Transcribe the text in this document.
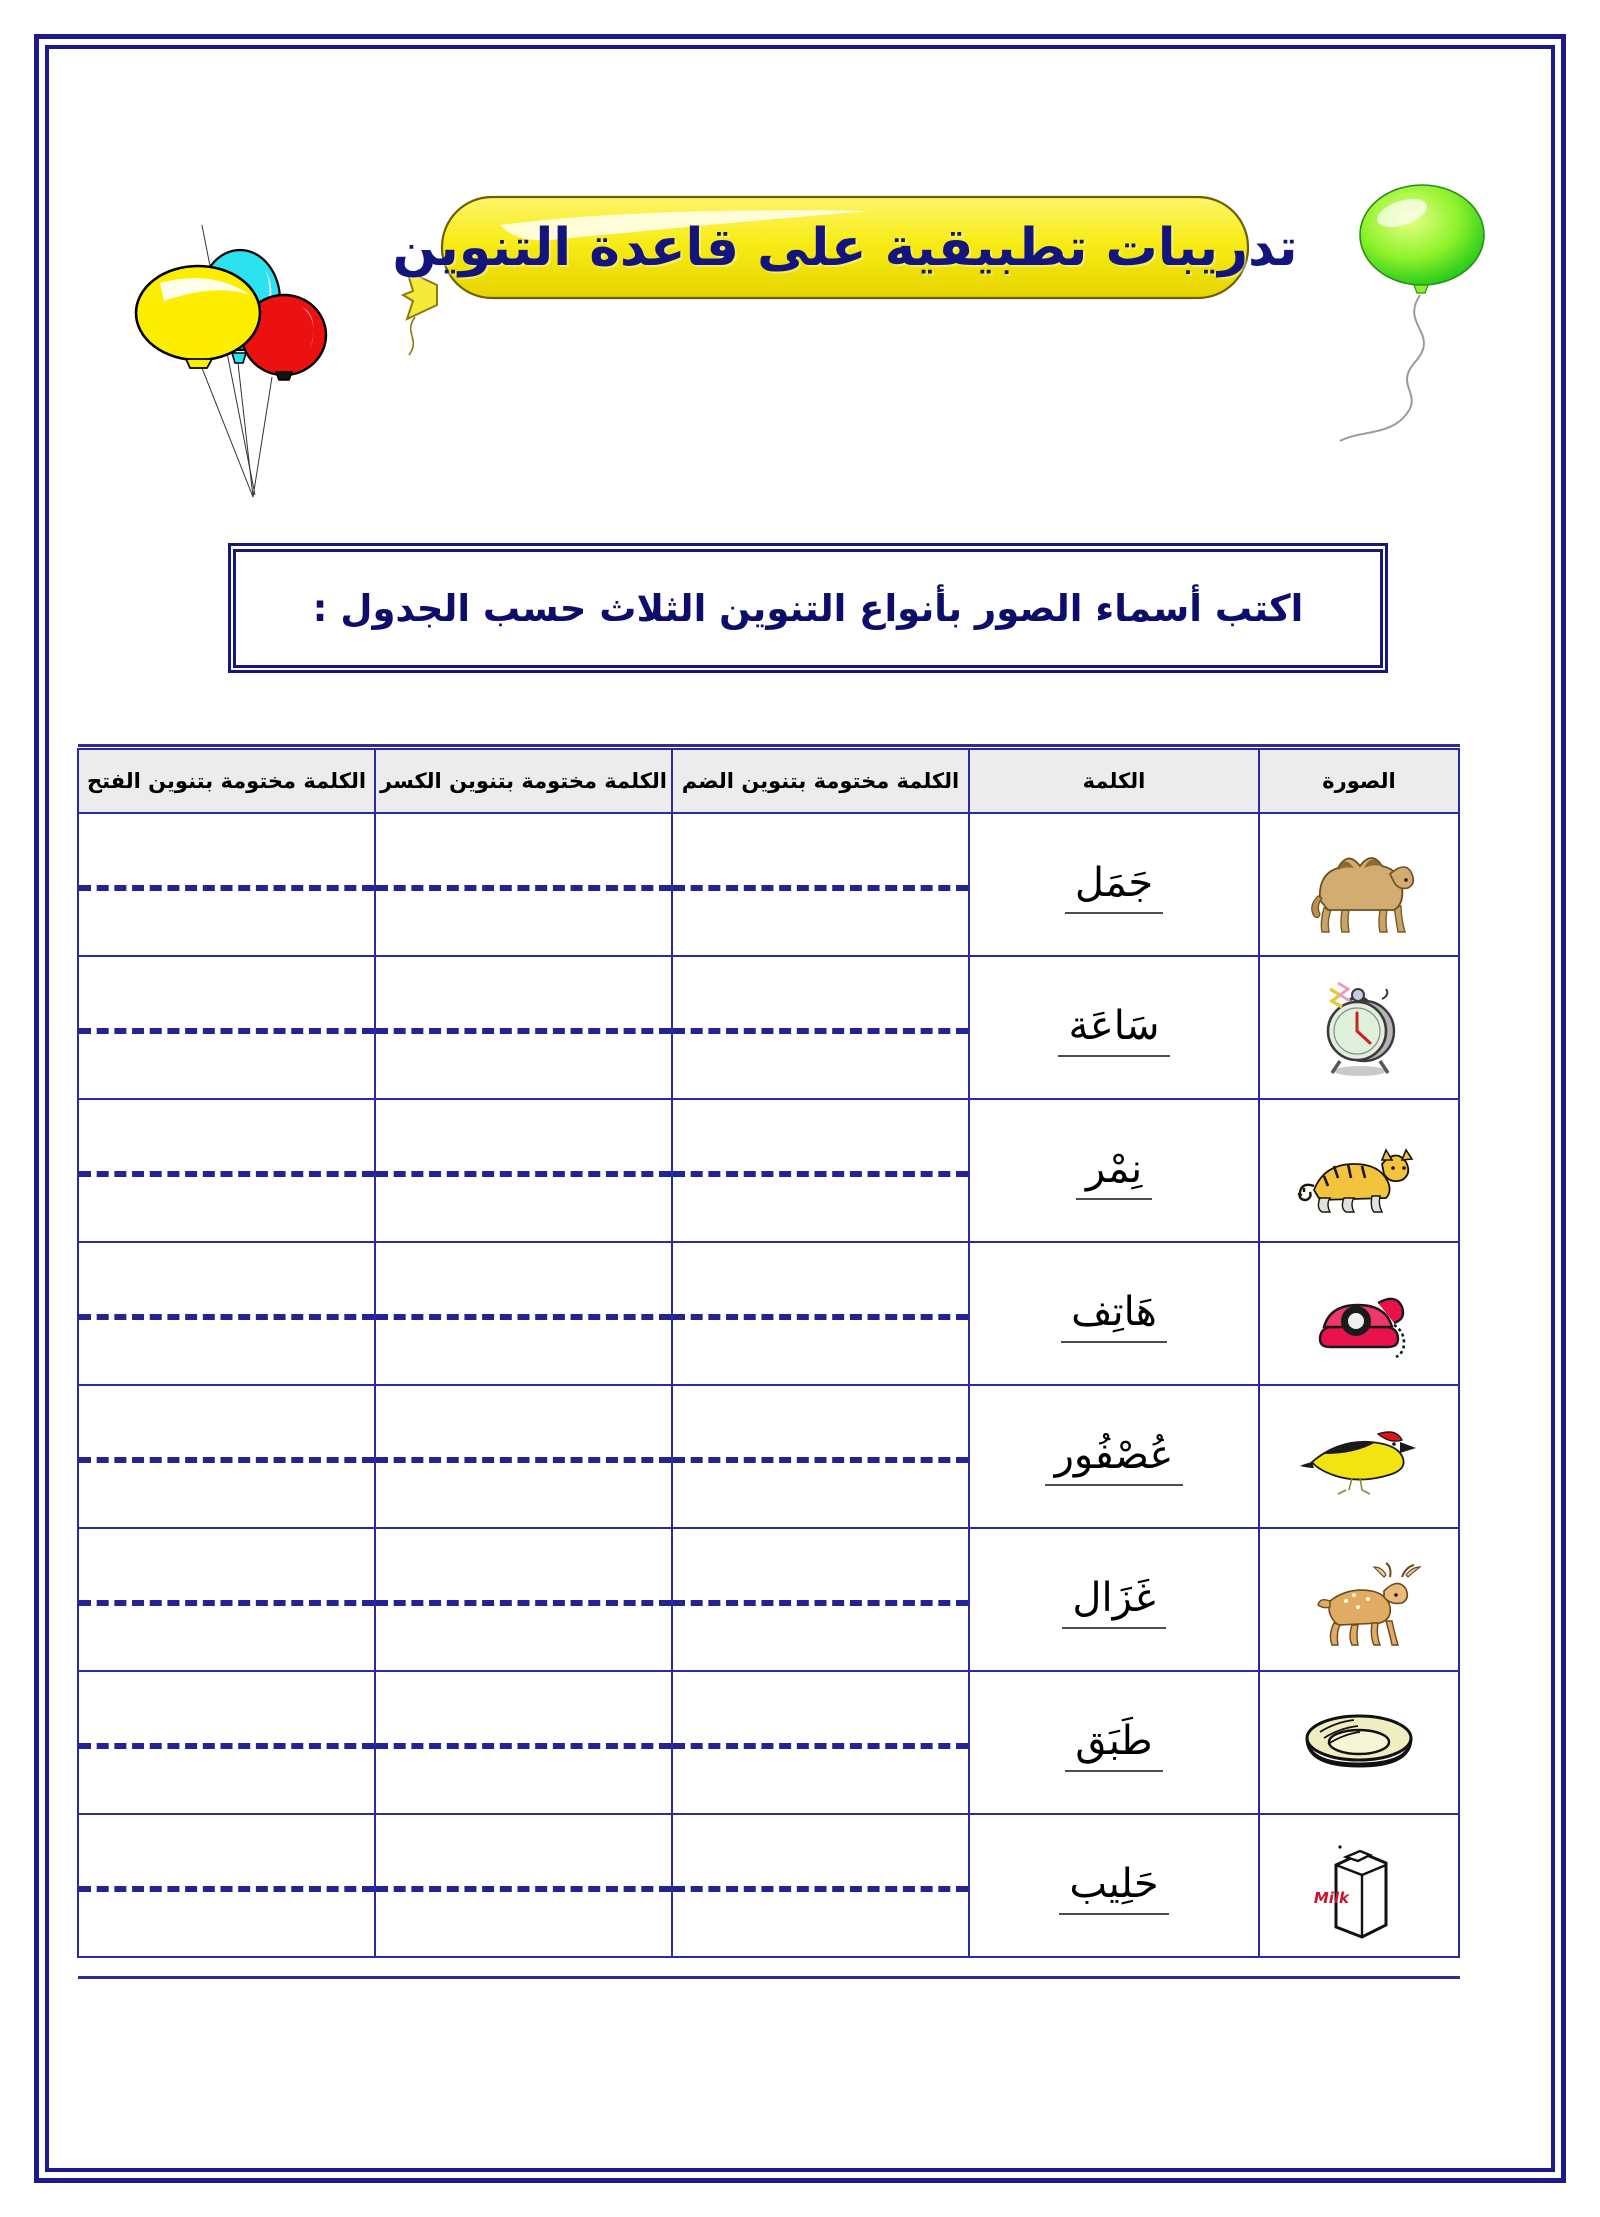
تدريبات تطبيقية على قاعدة التنوين
اكتب أسماء الصور بأنواع التنوين الثلاث حسب الجدول :
الصورة	الكلمة	الكلمة مختومة بتنوين الضم	الكلمة مختومة بتنوين الكسر	الكلمة مختومة بتنوين الفتح
	جَمَل	

	سَاعَة	

	نِمْر	

	هَاتِف	

	عُصْفُور	

	غَزَال	

	طَبَق	

Milk	حَلِيب	
